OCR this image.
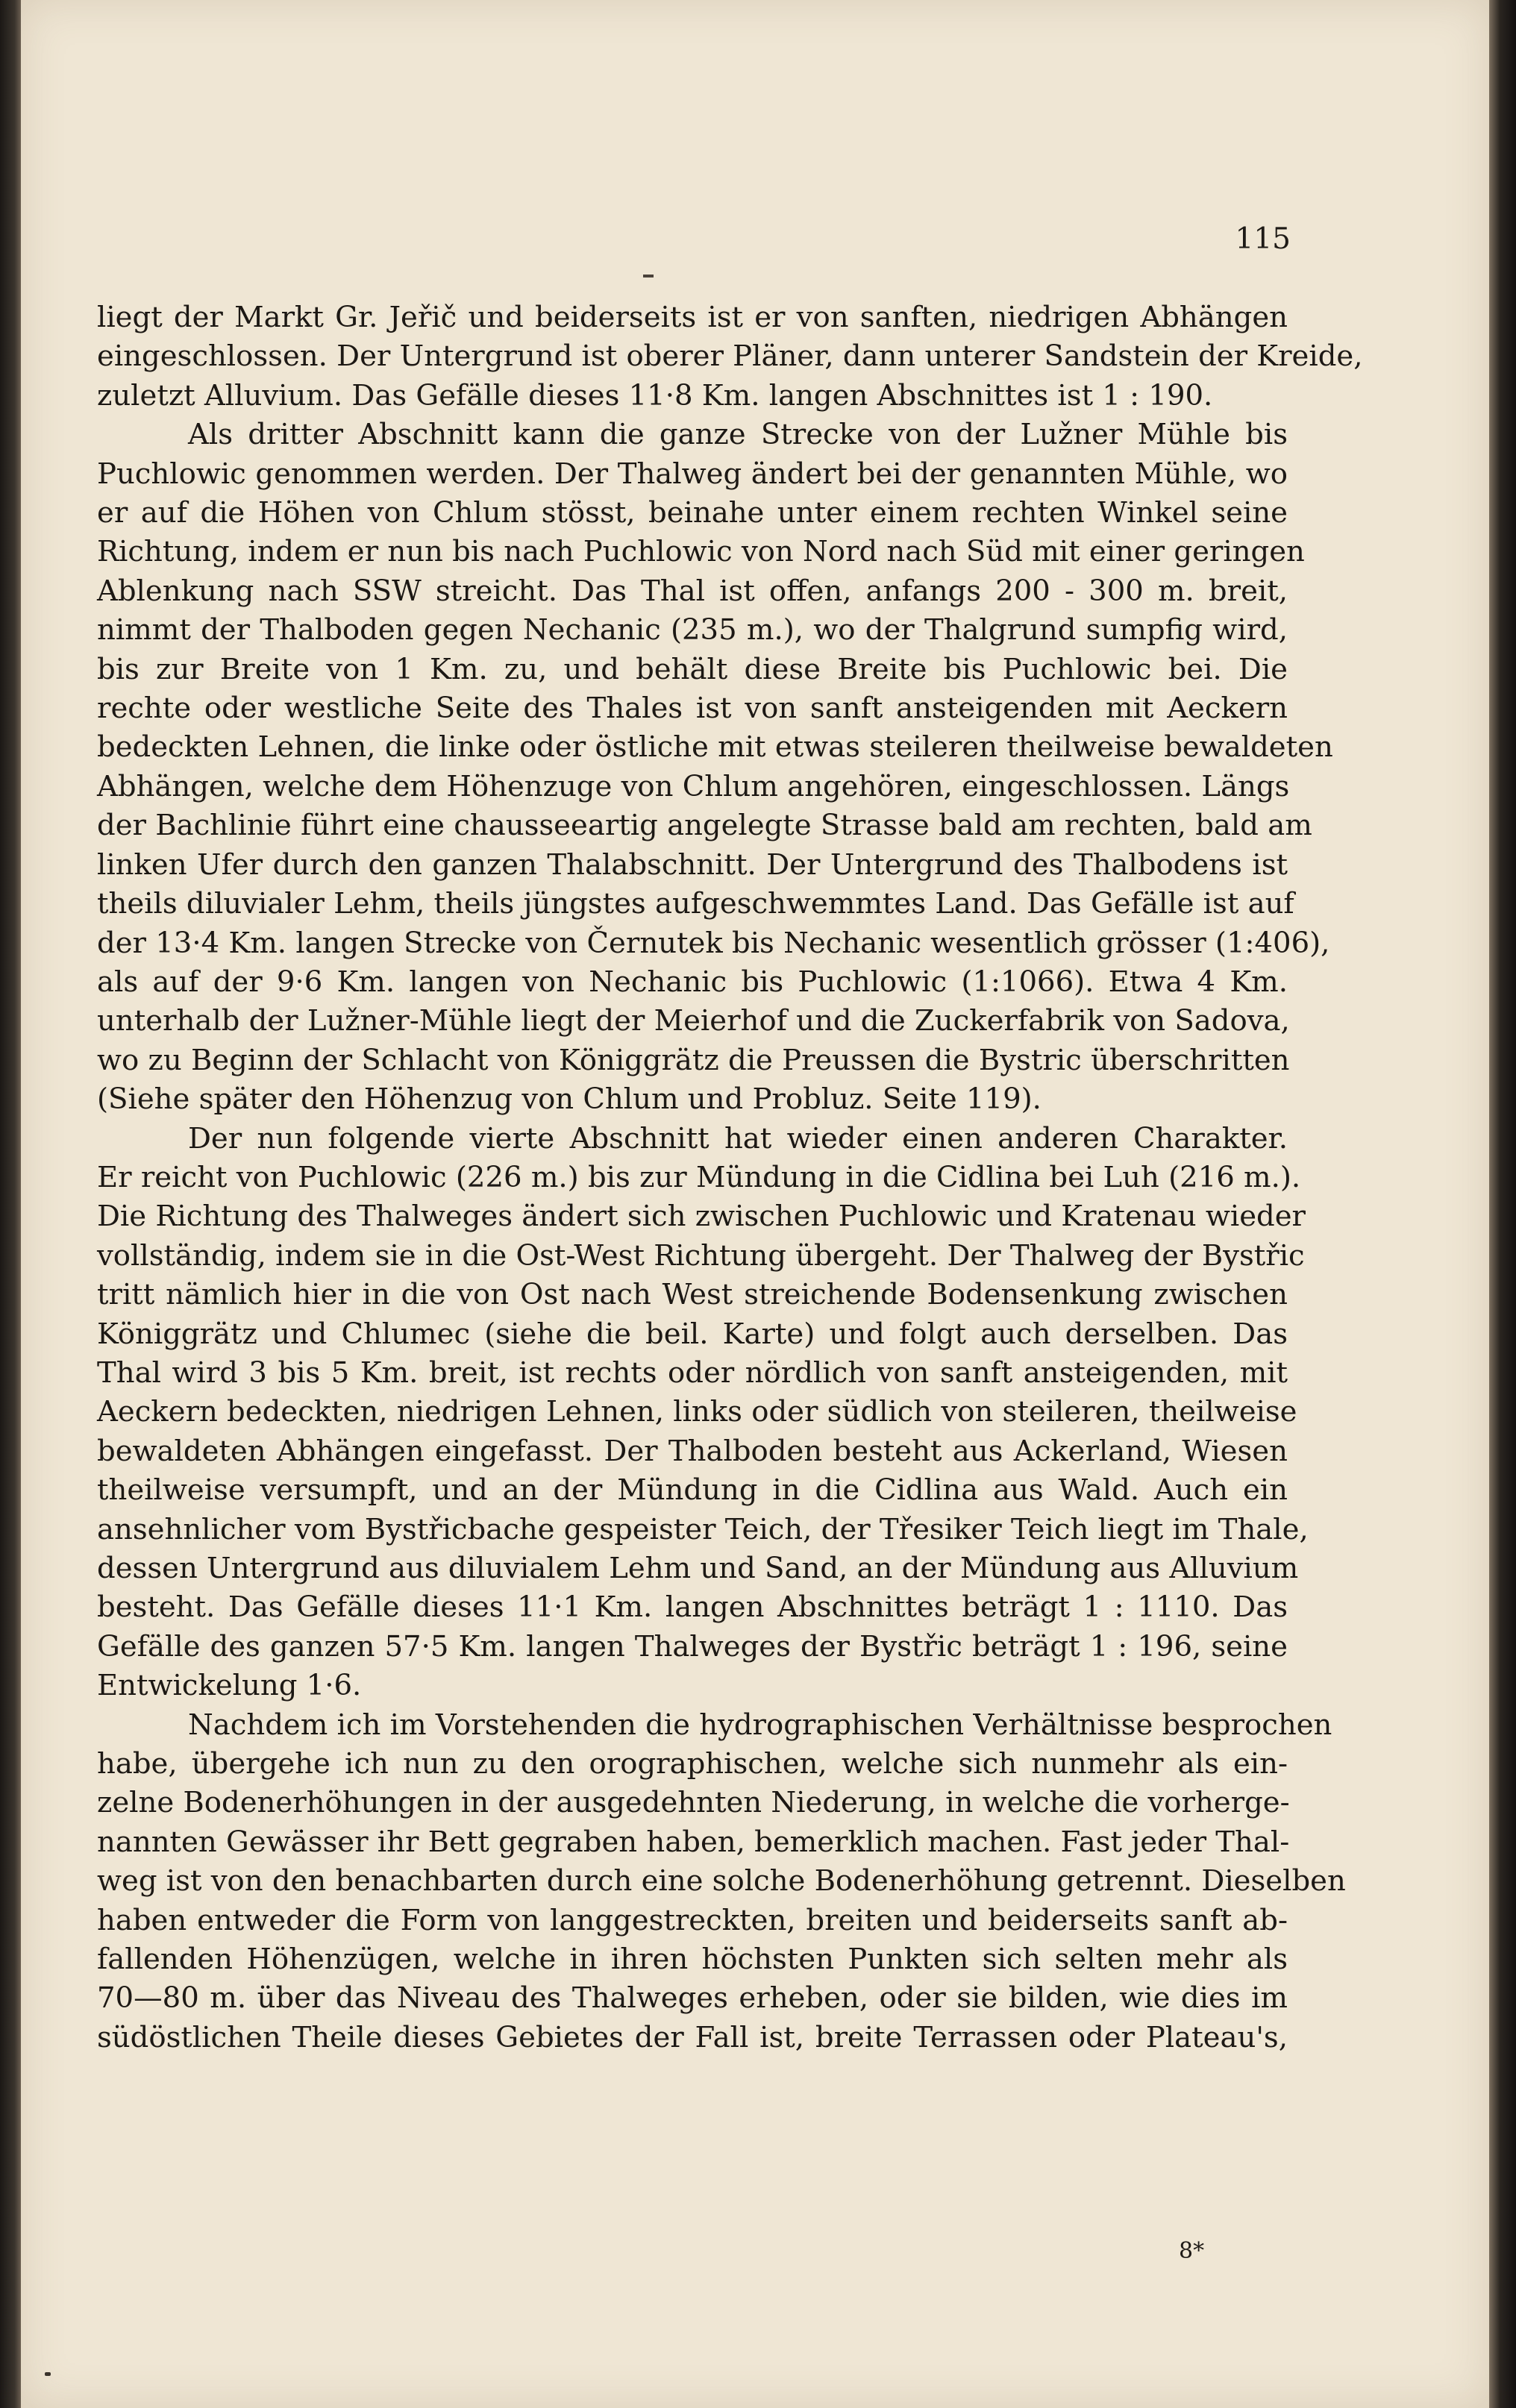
115
liegt der Markt Gr. Jeřič und beiderseits ist er von sanften, niedrigen Abhängen
eingeschlossen. Der Untergrund ist oberer Pläner, dann unterer Sandstein der Kreide,
zuletzt Alluvium. Das Gefälle dieses 11·8 Km. langen Abschnittes ist 1 : 190.
Als dritter Abschnitt kann die ganze Strecke von der Lužner Mühle bis
Puchlowic genommen werden. Der Thalweg ändert bei der genannten Mühle, wo
er auf die Höhen von Chlum stösst, beinahe unter einem rechten Winkel seine
Richtung, indem er nun bis nach Puchlowic von Nord nach Süd mit einer geringen
Ablenkung nach SSW streicht. Das Thal ist offen, anfangs 200 - 300 m. breit,
nimmt der Thalboden gegen Nechanic (235 m.), wo der Thalgrund sumpfig wird,
bis zur Breite von 1 Km. zu, und behält diese Breite bis Puchlowic bei. Die
rechte oder westliche Seite des Thales ist von sanft ansteigenden mit Aeckern
bedeckten Lehnen, die linke oder östliche mit etwas steileren theilweise bewaldeten
Abhängen, welche dem Höhenzuge von Chlum angehören, eingeschlossen. Längs
der Bachlinie führt eine chausseeartig angelegte Strasse bald am rechten, bald am
linken Ufer durch den ganzen Thalabschnitt. Der Untergrund des Thalbodens ist
theils diluvialer Lehm, theils jüngstes aufgeschwemmtes Land. Das Gefälle ist auf
der 13·4 Km. langen Strecke von Černutek bis Nechanic wesentlich grösser (1:406),
als auf der 9·6 Km. langen von Nechanic bis Puchlowic (1:1066). Etwa 4 Km.
unterhalb der Lužner-Mühle liegt der Meierhof und die Zuckerfabrik von Sadova,
wo zu Beginn der Schlacht von Königgrätz die Preussen die Bystric überschritten
(Siehe später den Höhenzug von Chlum und Probluz. Seite 119).
Der nun folgende vierte Abschnitt hat wieder einen anderen Charakter.
Er reicht von Puchlowic (226 m.) bis zur Mündung in die Cidlina bei Luh (216 m.).
Die Richtung des Thalweges ändert sich zwischen Puchlowic und Kratenau wieder
vollständig, indem sie in die Ost-West Richtung übergeht. Der Thalweg der Bystřic
tritt nämlich hier in die von Ost nach West streichende Bodensenkung zwischen
Königgrätz und Chlumec (siehe die beil. Karte) und folgt auch derselben. Das
Thal wird 3 bis 5 Km. breit, ist rechts oder nördlich von sanft ansteigenden, mit
Aeckern bedeckten, niedrigen Lehnen, links oder südlich von steileren, theilweise
bewaldeten Abhängen eingefasst. Der Thalboden besteht aus Ackerland, Wiesen
theilweise versumpft, und an der Mündung in die Cidlina aus Wald. Auch ein
ansehnlicher vom Bystřicbache gespeister Teich, der Třesiker Teich liegt im Thale,
dessen Untergrund aus diluvialem Lehm und Sand, an der Mündung aus Alluvium
besteht. Das Gefälle dieses 11·1 Km. langen Abschnittes beträgt 1 : 1110. Das
Gefälle des ganzen 57·5 Km. langen Thalweges der Bystřic beträgt 1 : 196, seine
Entwickelung 1·6.
Nachdem ich im Vorstehenden die hydrographischen Verhältnisse besprochen
habe, übergehe ich nun zu den orographischen, welche sich nunmehr als ein-
zelne Bodenerhöhungen in der ausgedehnten Niederung, in welche die vorherge-
nannten Gewässer ihr Bett gegraben haben, bemerklich machen. Fast jeder Thal-
weg ist von den benachbarten durch eine solche Bodenerhöhung getrennt. Dieselben
haben entweder die Form von langgestreckten, breiten und beiderseits sanft ab-
fallenden Höhenzügen, welche in ihren höchsten Punkten sich selten mehr als
70—80 m. über das Niveau des Thalweges erheben, oder sie bilden, wie dies im
südöstlichen Theile dieses Gebietes der Fall ist, breite Terrassen oder Plateau's,
8*
